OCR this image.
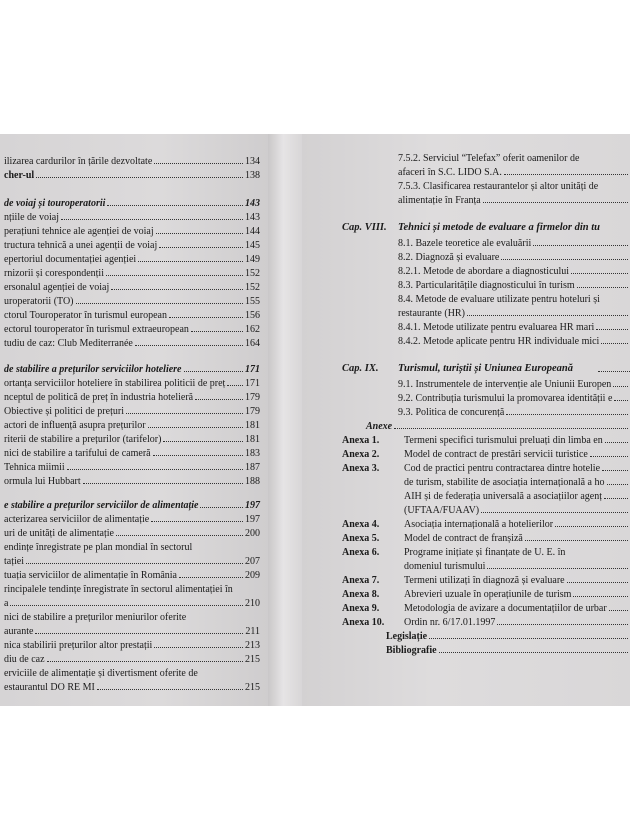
ilizarea cardurilor în țările dezvoltate	134
cher-ul	138
de voiaj și touroperatorii	143
nțiile de voiaj	143
perațiuni tehnice ale agenției de voiaj	144
tructura tehnică a unei agenții de voiaj	145
epertoriul documentației agenției	149
rnizorii și corespondenții	152
ersonalul agenției de voiaj	152
uroperatorii (TO)	155
ctorul Touroperator în turismul european	156
ectorul touroperator în turismul extraeuropean	162
tudiu de caz: Club Mediterranée	164
de stabilire a prețurilor serviciilor hoteliere	171
ortanța serviciilor hoteliere în stabilirea politicii de preț 171
nceptul de politică de preț în industria hotelieră	179
Obiective și politici de prețuri	179
actori de influență asupra prețurilor	181
riterii de stabilire a prețurilor (tarifelor)	181
nici de stabilire a tarifului de cameră	183
Tehnica miimii	187
ormula lui Hubbart	188
e stabilire a prețurilor serviciilor de alimentație	197
acterizarea serviciilor de alimentație	197
uri de unități de alimentație	200
endințe înregistrate pe plan mondial în sectorul
tației	207
tuația serviciilor de alimentație în România	209
rincipalele tendințe înregistrate în sectorul alimentației în
a	210
nici de stabilire a prețurilor meniurilor oferite
aurante	211
nica stabilirii prețurilor altor prestații	213
diu de caz	215
erviciile de alimentație și divertisment oferite de
estaurantul DO RE MI	215
7.5.2. Serviciul “Telefax” oferit oamenilor de
afaceri în S.C. LIDO S.A.
7.5.3. Clasificarea restaurantelor și altor unități de
alimentație în Franța
Cap. VIII. Tehnici și metode de evaluare a firmelor din tu
8.1. Bazele teoretice ale evaluării
8.2. Diagnoză și evaluare
8.2.1. Metode de abordare a diagnosticului
8.3. Particularitățile diagnosticului în turism
8.4. Metode de evaluare utilizate pentru hoteluri și
restaurante (HR)
8.4.1. Metode utilizate pentru evaluarea HR mari
8.4.2. Metode aplicate pentru HR individuale mici
Cap. IX. Turismul, turiștii și Uniunea Europeană
9.1. Instrumentele de intervenție ale Uniunii Europen
9.2. Contribuția turismului la promovarea identității e
9.3. Politica de concurență
Anexe
Anexa 1. Termeni specifici turismului preluați din limba en
Anexa 2. Model de contract de prestări servicii turistice
Anexa 3. Cod de practici pentru contractarea dintre hotelie
de turism, stabilite de asociația internațională a ho
AIH și de federația universală a asociațiilor agenț
(UFTAA/FUAAV)
Anexa 4. Asociația internațională a hotelierilor
Anexa 5. Model de contract de franșiză
Anexa 6. Programe inițiate și finanțate de U. E. în
domeniul turismului
Anexa 7. Termeni utilizați în diagnoză și evaluare
Anexa 8. Abrevieri uzuale în operațiunile de turism
Anexa 9. Metodologia de avizare a documentațiilor de urbar
Anexa 10. Ordin nr. 6/17.01.1997
Legislație
Bibliografie
